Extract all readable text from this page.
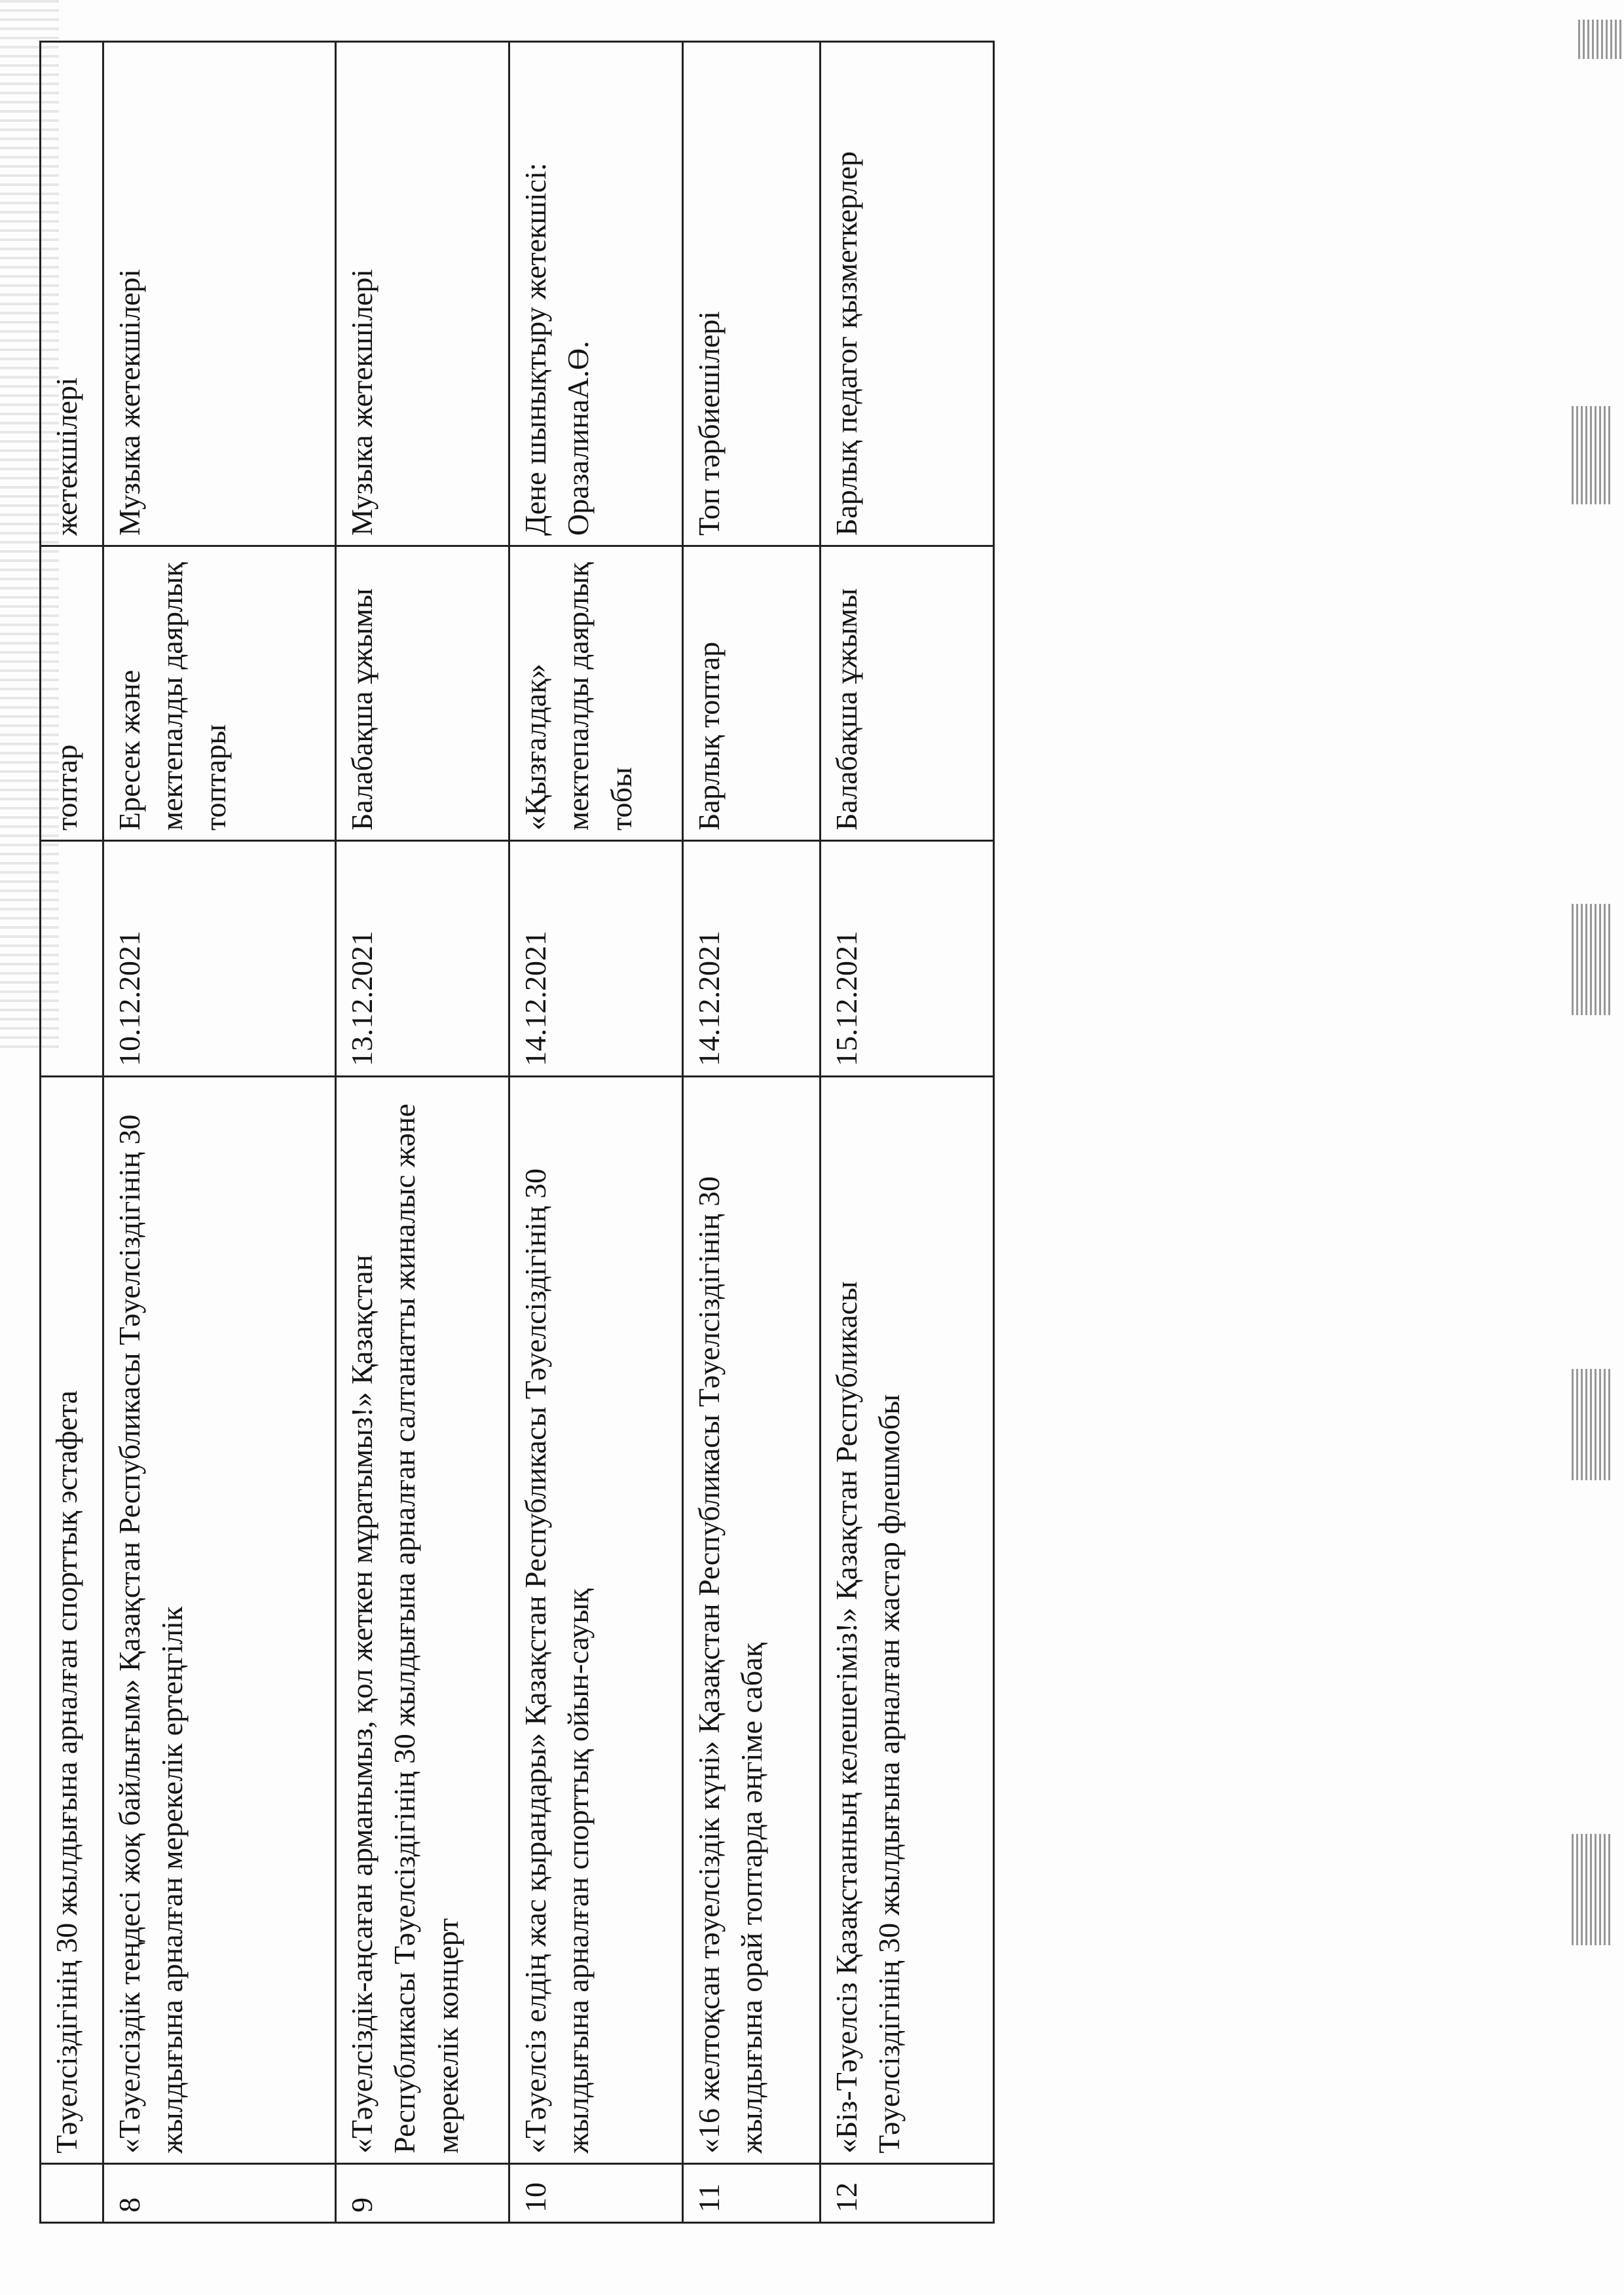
	Тәуелсіздігінің 30 жылдығына арналған спорттық эстафета		топтар	жетекшілері
8	«Тәуелсіздік теңдесі жоқ байлығым» Қазақстан Республикасы Тәуелсіздігінің 30 жылдығына арналған мерекелік ертеңгілік	10.12.2021	Ересек және мектепалды даярлық топтары	Музыка жетекшілері
9	«Тәуелсіздік-аңсаған арманымыз, қол жеткен мұратымыз!» Қазақстан Республикасы Тәуелсіздігінің 30 жылдығына арналған салтанатты жиналыс және мерекелік концерт	13.12.2021	Балабақша ұжымы	Музыка жетекшілері
10	«Тәуелсіз елдің жас қырандары» Қазақстан Республикасы Тәуелсіздігінің 30 жылдығына арналған спорттық ойын-сауық	14.12.2021	«Қызғалдақ» мектепалды даярлық тобы	Дене шынықтыру жетекшісі: ОразалинаА.Ө.
11	«16 желтоқсан тәуелсіздік күні» Қазақстан Республикасы Тәуелсіздігінің 30 жылдығына орай топтарда әңгіме сабақ	14.12.2021	Барлық топтар	Топ тәрбиешілері
12	«Біз-Тәуелсіз Қазақстанның келешегіміз!» Қазақстан Республикасы Тәуелсіздігінің 30 жылдығына арналған жастар флешмобы	15.12.2021	Балабақша ұжымы	Барлық педагог қызметкерлер
